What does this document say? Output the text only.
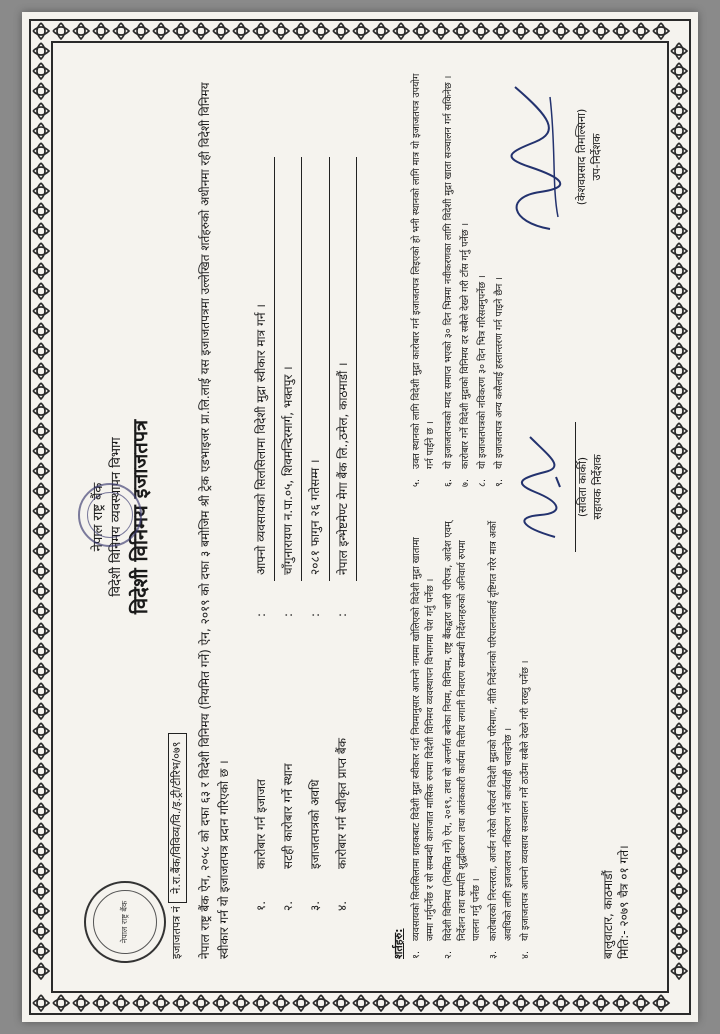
नेपाल राष्ट्र बैंक	इजाजतपत्र नं ने.रा.बैंक/विविव्य/वि./इ.ट्री/टीरिभ/०७९
नेपाल राष्ट्र बैंक विदेशी विनिमय व्यवस्थापन विभाग विदेशी विनिमय इजाजतपत्र	नेपाल राष्ट्र बैंक ऐन, २०५८ को दफा ६३ र विदेशी विनिमय (नियमित गर्ने) ऐन, २०१९ को दफा ३ बमोजिम श्री ट्रेक एडभाइजर प्रा.लि.लाई यस इजाजतपत्रमा उल्लेखित शर्तहरुको अधीनमा रही विदेशी विनिमय स्वीकार गर्न यो इजाजतपत्र प्रदान गरिएको छ । १.	कारोबार गर्न इजाजत	:	आफ्नो व्यवसायको सिलसिलामा विदेशी मुद्रा स्वीकार मात्र गर्न ।
२.	सटही कारोबार गर्ने स्थान	:	चाँगुनारायण न.पा.०५, शिवमन्दिरमार्ग, भक्तपुर ।
३.	इजाजतपत्रको अवधि	:	२०८१ फागुन २६ गतेसम्म ।
४.	कारोबार गर्न स्वीकृत प्राप्त बैंक	:	नेपाल इन्भेष्टमेण्ट मेगा बैंक लि.,ठमेल, काठमाडौं ।
शर्तहरु: १.
व्यवसायको सिलसिलामा ग्राहकबाट विदेशी मुद्रा स्वीकार गर्दा नियमानुसार आफ्नो नाममा खोलिएको विदेशी मुद्रा खातामा जम्मा गर्नुपर्नेछ र सो सम्बन्धी कागजात मासिक रुपमा विदेशी विनिमय व्यवस्थापन विभागमा पेश गर्नु पर्नेछ ।
२.
विदेशी विनिमय (नियमित गर्ने) ऐन, २०१९, तथा सो अन्तर्गत बनेका नियम, विनियम, राष्ट्र बैंकद्वारा जारी परिपत्र, आदेश एवम् निर्देशन तथा सम्पत्ति शुद्धीकरण तथा आतंककारी कार्यमा वित्तीय लगानी निवारण सम्बन्धी निर्देशनहरुको अनिवार्य रुपमा पालना गर्नु पर्नेछ ।
३.
कारोबारको निरन्तरता, आर्जन गरेको परिवर्त्य विदेशी मुद्राको परिमाण, नीति निर्देशनको परिपालनालाई दृष्टिगत गरेर मात्र अर्को अवधिको लागि इजाजतपत्र नविकरण गर्ने कार्यवाही चलाइनेछ ।
४.
यो इजाजतपत्र आफ्नो व्यवसाय सञ्चालन गर्ने ठाउँमा सबैले देख्ने गरी राख्नु पर्नेछ ।
५.
उक्त स्थानको लागि विदेशी मुद्रा कारोबार गर्न इजाजतपत्र लिइएको हो भनी स्थानको लागि मात्र यो इजाजतपत्र उपयोग गर्न पाईने छ ।
६.
यो इजाजतपत्रको म्याद समाप्त भएको ३० दिन भित्रमा नवीकरणका लागि विदेशी मुद्रा खाता सञ्चालन गर्न सकिनेछ ।
७.
कारोबार गर्ने विदेशी मुद्राको विनिमय दर सबैले देख्ने गरी टाँस गर्नु पर्नेछ ।
८.
यो इजाजतपत्रको नविकरण ३० दिन भित्र गरिसक्नुपर्नेछ ।
९.
यो इजाजतपत्र अन्य कसैलाई हस्तान्तरण गर्न पाइने छैन ।
(सविता कार्की) सहायक निर्देशक
(केशवप्रसाद तिमल्सिना) उप-निर्देशक
बालुवाटार, काठमाडौं मिति:- २०७९ चैत्र ०१ गते।
